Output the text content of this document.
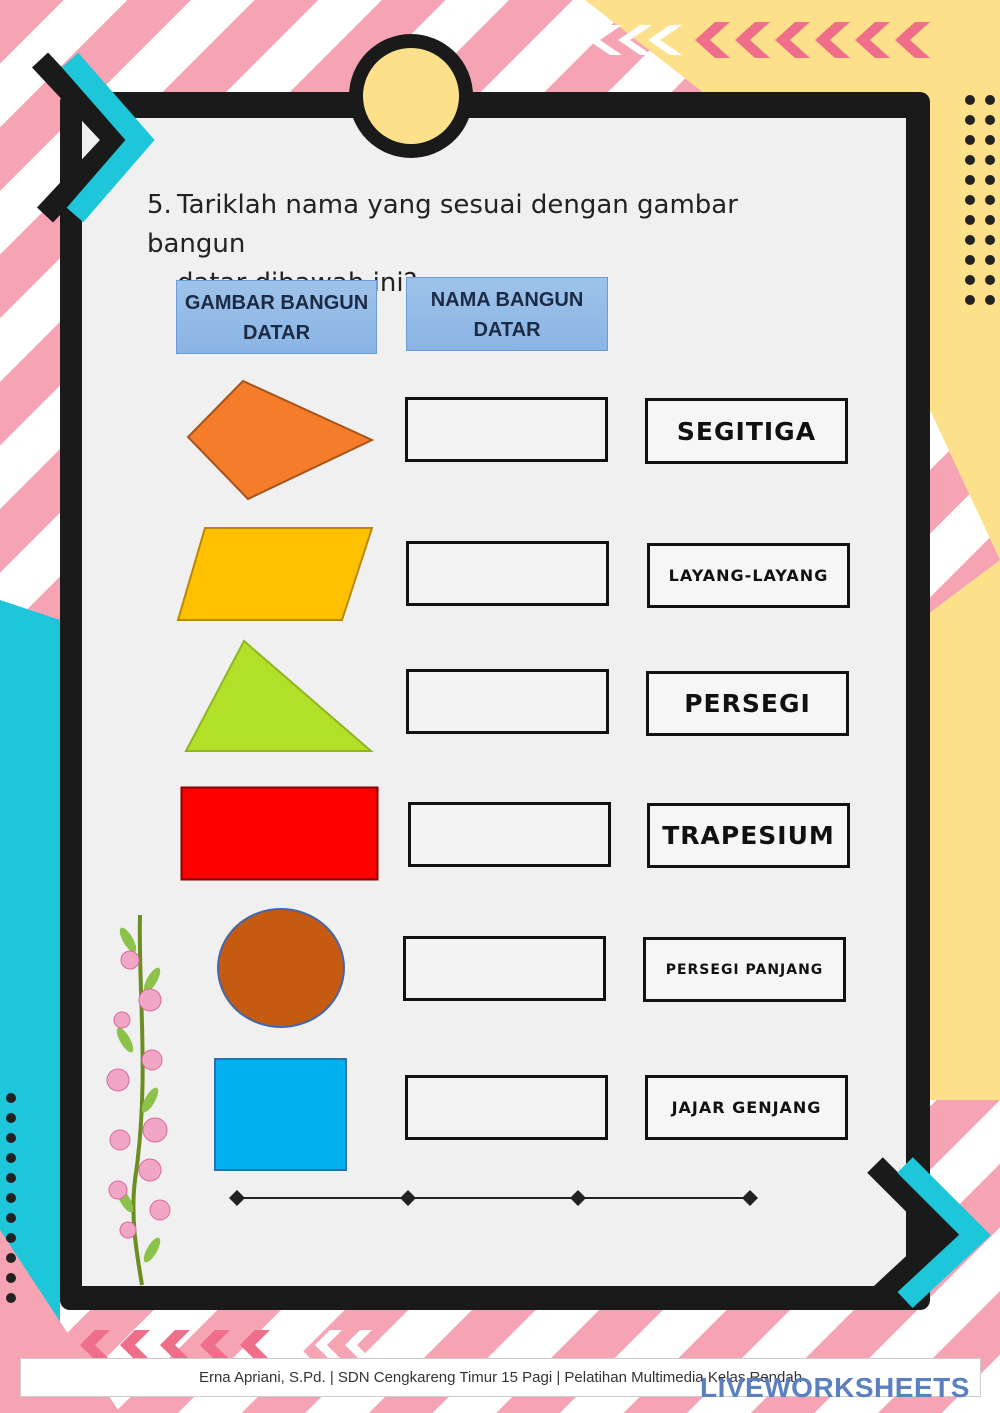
5. Tariklah nama yang sesuai dengan gambar bangun
ini?
GAMBAR BANGUN DATAR
NAMA BANGUN DATAR
SEGITIGA
LAYANG-LAYANG
PERSEGI
TRAPESIUM
PERSEGI PANJANG
JAJAR GENJANG
Erna Apriani, S.Pd. | SDN Cengkareng Timur 15 Pagi | Pelatihan Multimedia Kelas Rendah
LIVEWORKSHEETS
